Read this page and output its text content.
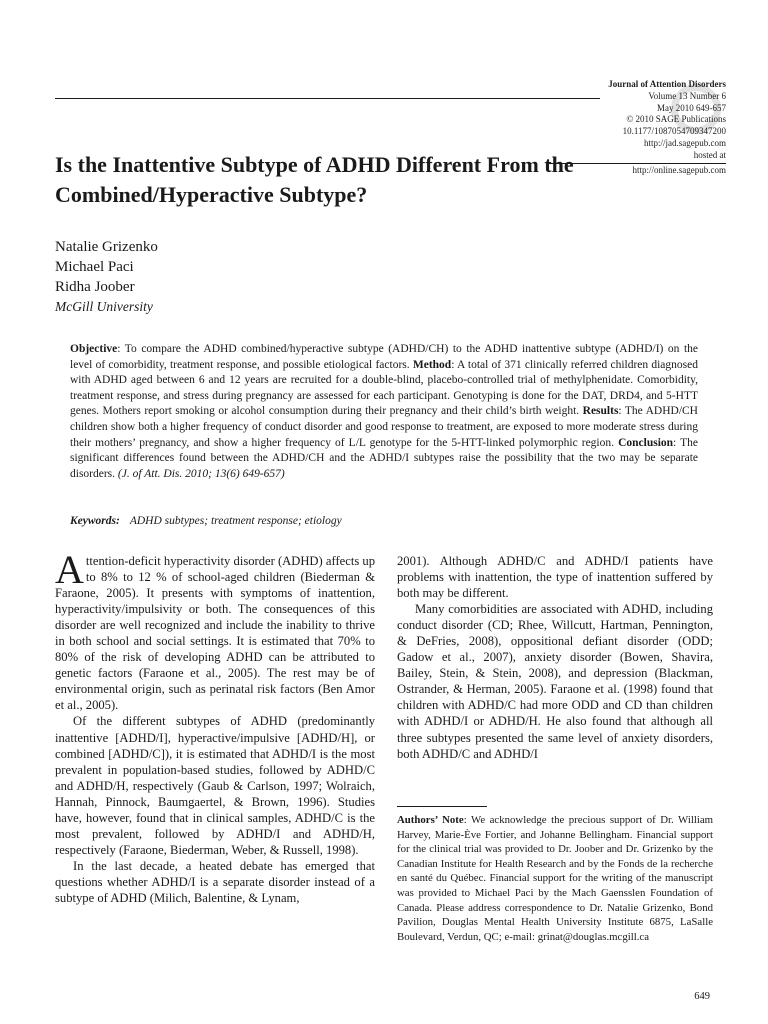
Journal of Attention Disorders
Volume 13 Number 6
May 2010 649-657
© 2010 SAGE Publications
10.1177/1087054709347200
http://jad.sagepub.com
hosted at
http://online.sagepub.com
Is the Inattentive Subtype of ADHD Different From the Combined/Hyperactive Subtype?
Natalie Grizenko
Michael Paci
Ridha Joober
McGill University

Objective: To compare the ADHD combined/hyperactive subtype (ADHD/CH) to the ADHD inattentive subtype (ADHD/I) on the level of comorbidity, treatment response, and possible etiological factors. Method: A total of 371 clinically referred children diagnosed with ADHD aged between 6 and 12 years are recruited for a double-blind, placebo-controlled trial of methylphenidate. Comorbidity, treatment response, and stress during pregnancy are assessed for each participant. Genotyping is done for the DAT, DRD4, and 5-HTT genes. Mothers report smoking or alcohol consumption during their pregnancy and their child’s birth weight. Results: The ADHD/CH children show both a higher frequency of conduct disorder and good response to treatment, are exposed to more moderate stress during their mothers’ pregnancy, and show a higher frequency of L/L genotype for the 5-HTT-linked polymorphic region. Conclusion: The significant differences found between the ADHD/CH and the ADHD/I subtypes raise the possibility that the two may be separate disorders. (J. of Att. Dis. 2010; 13(6) 649-657)

Keywords: ADHD subtypes; treatment response; etiology

Attention-deficit hyperactivity disorder (ADHD) affects up to 8% to 12 % of school-aged children (Biederman & Faraone, 2005). It presents with symptoms of inattention, hyperactivity/impulsivity or both. The consequences of this disorder are well recognized and include the inability to thrive in both school and social settings. It is estimated that 70% to 80% of the risk of developing ADHD can be attributed to genetic factors (Faraone et al., 2005). The rest may be of environmental origin, such as perinatal risk factors (Ben Amor et al., 2005).

Of the different subtypes of ADHD (predominantly inattentive [ADHD/I], hyperactive/impulsive [ADHD/H], or combined [ADHD/C]), it is estimated that ADHD/I is the most prevalent in population-based studies, followed by ADHD/C and ADHD/H, respectively (Gaub & Carlson, 1997; Wolraich, Hannah, Pinnock, Baumgaertel, & Brown, 1996). Studies have, however, found that in clinical samples, ADHD/C is the most prevalent, followed by ADHD/I and ADHD/H, respectively (Faraone, Biederman, Weber, & Russell, 1998).

In the last decade, a heated debate has emerged that questions whether ADHD/I is a separate disorder instead of a subtype of ADHD (Milich, Balentine, & Lynam,

2001). Although ADHD/C and ADHD/I patients have problems with inattention, the type of inattention suffered by both may be different.

Many comorbidities are associated with ADHD, including conduct disorder (CD; Rhee, Willcutt, Hartman, Pennington, & DeFries, 2008), oppositional defiant disorder (ODD; Gadow et al., 2007), anxiety disorder (Bowen, Shavira, Bailey, Stein, & Stein, 2008), and depression (Blackman, Ostrander, & Herman, 2005). Faraone et al. (1998) found that children with ADHD/C had more ODD and CD than children with ADHD/I or ADHD/H. He also found that although all three subtypes presented the same level of anxiety disorders, both ADHD/C and ADHD/I

Authors’ Note: We acknowledge the precious support of Dr. William Harvey, Marie-Ève Fortier, and Johanne Bellingham. Financial support for the clinical trial was provided to Dr. Joober and Dr. Grizenko by the Canadian Institute for Health Research and by the Fonds de la recherche en santé du Québec. Financial support for the writing of the manuscript was provided to Michael Paci by the Mach Gaensslen Foundation of Canada. Please address correspondence to Dr. Natalie Grizenko, Bond Pavilion, Douglas Mental Health University Institute 6875, LaSalle Boulevard, Verdun, QC; e-mail: grinat@douglas.mcgill.ca

649
